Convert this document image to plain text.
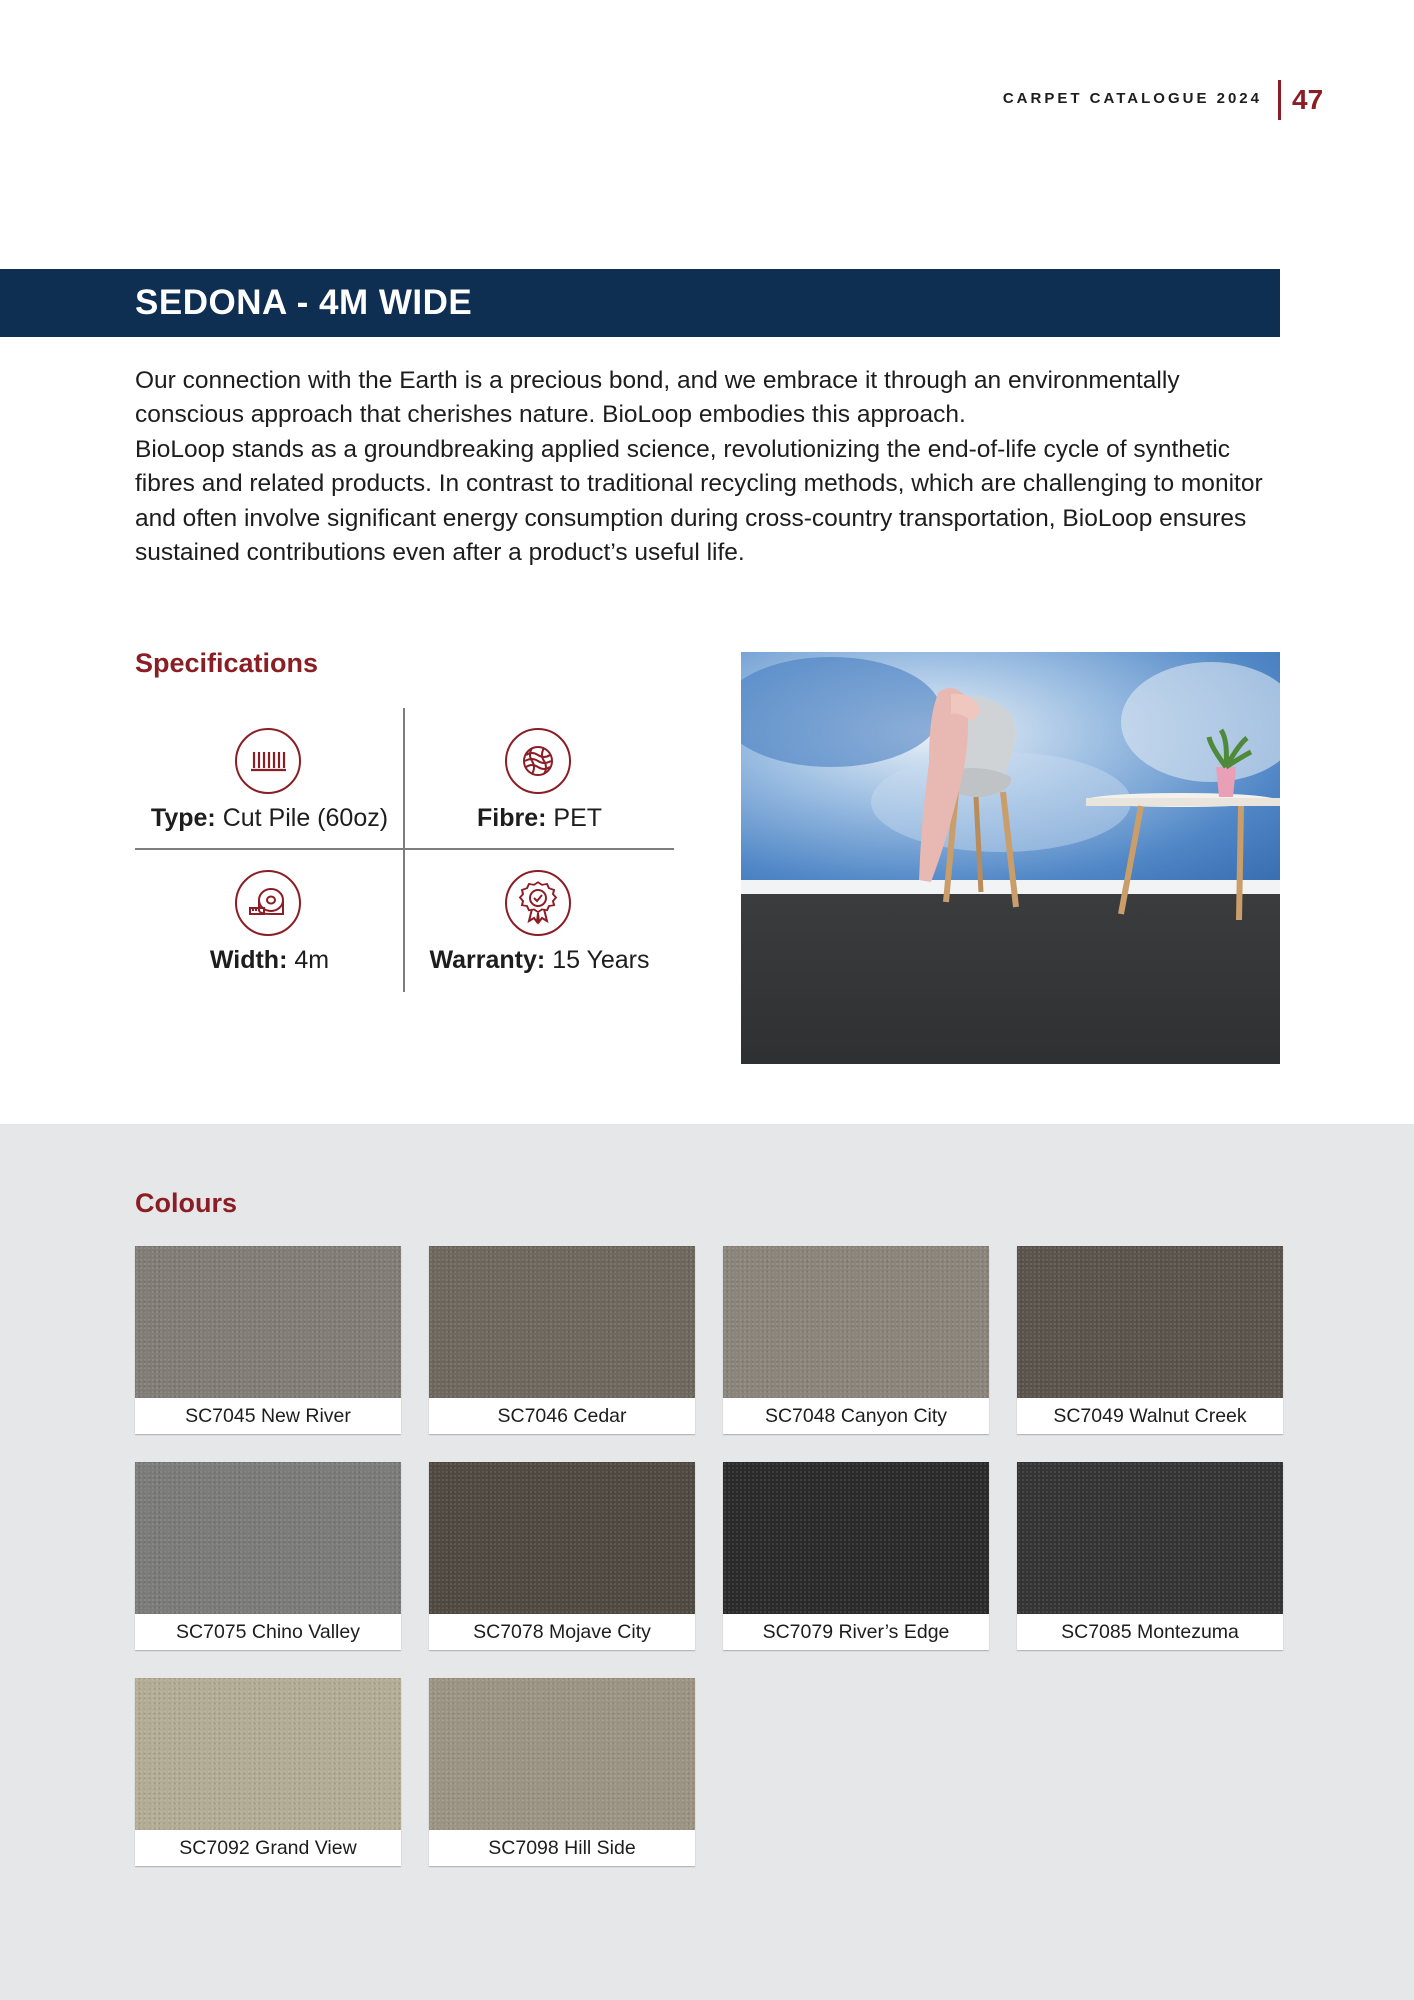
CARPET CATALOGUE 2024 47
SEDONA - 4M WIDE

Our connection with the Earth is a precious bond, and we embrace it through an environmentally conscious approach that cherishes nature. BioLoop embodies this approach.

BioLoop stands as a groundbreaking applied science, revolutionizing the end-of-life cycle of synthetic fibres and related products. In contrast to traditional recycling methods, which are challenging to monitor and often involve significant energy consumption during cross-country transportation, BioLoop ensures sustained contributions even after a product’s useful life.

Specifications
Type: Cut Pile (60oz)	Fibre: PET
Width: 4m	Warranty: 15 Years
Colours
SC7045 New River	SC7046 Cedar	SC7048 Canyon City	SC7049 Walnut Creek
SC7075 Chino Valley	SC7078 Mojave City	SC7079 River’s Edge	SC7085 Montezuma
SC7092 Grand View	SC7098 Hill Side
